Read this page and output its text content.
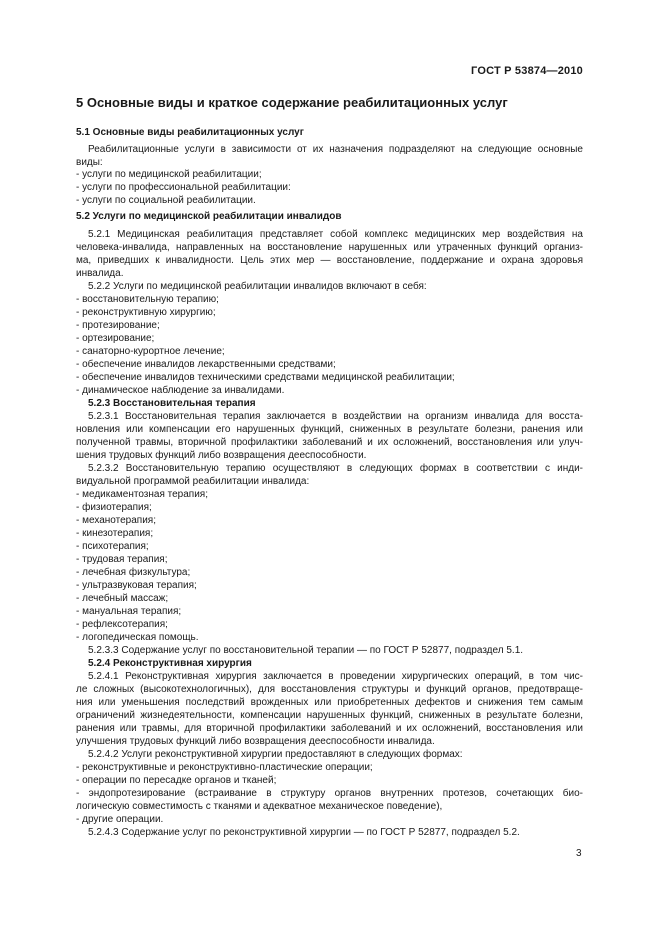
ГОСТ Р 53874—2010
5 Основные виды и краткое содержание реабилитационных услуг
5.1 Основные виды реабилитационных услуг
Реабилитационные услуги в зависимости от их назначения подразделяют на следующие основные
виды:
- услуги по медицинской реабилитации;
- услуги по профессиональной реабилитации:
- услуги по социальной реабилитации.
5.2 Услуги по медицинской реабилитации инвалидов
5.2.1 Медицинская реабилитация представляет собой комплекс медицинских мер воздействия на
человека-инвалида, направленных на восстановление нарушенных или утраченных функций организ-
ма, приведших к инвалидности. Цель этих мер — восстановление, поддержание и охрана здоровья
инвалида.
5.2.2 Услуги по медицинской реабилитации инвалидов включают в себя:
- восстановительную терапию;
- реконструктивную хирургию;
- протезирование;
- ортезирование;
- санаторно-курортное лечение;
- обеспечение инвалидов лекарственными средствами;
- обеспечение инвалидов техническими средствами медицинской реабилитации;
- динамическое наблюдение за инвалидами.
5.2.3 Восстановительная терапия
5.2.3.1 Восстановительная терапия заключается в воздействии на организм инвалида для восста-
новления или компенсации его нарушенных функций, сниженных в результате болезни, ранения или
полученной травмы, вторичной профилактики заболеваний и их осложнений, восстановления или улуч-
шения трудовых функций либо возвращения дееспособности.
5.2.3.2 Восстановительную терапию осуществляют в следующих формах в соответствии с инди-
видуальной программой реабилитации инвалида:
- медикаментозная терапия;
- физиотерапия;
- механотерапия;
- кинезотерапия;
- психотерапия;
- трудовая терапия;
- лечебная физкультура;
- ультразвуковая терапия;
- лечебный массаж;
- мануальная терапия;
- рефлексотерапия;
- логопедическая помощь.
5.2.3.3 Содержание услуг по восстановительной терапии — по ГОСТ Р 52877, подраздел 5.1.
5.2.4 Реконструктивная хирургия
5.2.4.1 Реконструктивная хирургия заключается в проведении хирургических операций, в том чис-
ле сложных (высокотехнологичных), для восстановления структуры и функций органов, предотвраще-
ния или уменьшения последствий врожденных или приобретенных дефектов и снижения тем самым
ограничений жизнедеятельности, компенсации нарушенных функций, сниженных в результате болезни,
ранения или травмы, для вторичной профилактики заболеваний и их осложнений, восстановления или
улучшения трудовых функций либо возвращения дееспособности инвалида.
5.2.4.2 Услуги реконструктивной хирургии предоставляют в следующих формах:
- реконструктивные и реконструктивно-пластические операции;
- операции по пересадке органов и тканей;
- эндопротезирование (встраивание в структуру органов внутренних протезов, сочетающих био-
логическую совместимость с тканями и адекватное механическое поведение),
- другие операции.
5.2.4.3 Содержание услуг по реконструктивной хирургии — по ГОСТ Р 52877, подраздел 5.2.
3
